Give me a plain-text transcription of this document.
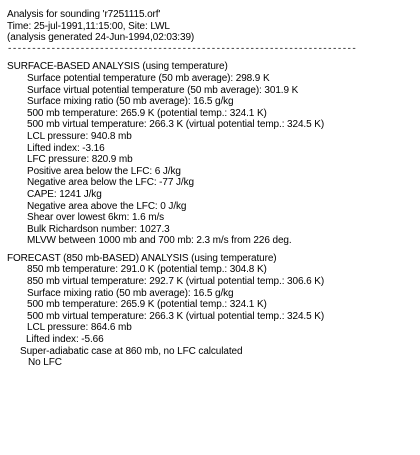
Analysis for sounding 'r7251115.orf'
Time: 25-jul-1991,11:15:00, Site: LWL
(analysis generated 24-Jun-1994,02:03:39)
------------------------------------------------------------------------
SURFACE-BASED ANALYSIS (using temperature)
Surface potential temperature (50 mb average): 298.9 K
Surface virtual potential temperature (50 mb average): 301.9 K
Surface mixing ratio (50 mb average): 16.5 g/kg
500 mb temperature: 265.9 K (potential temp.: 324.1 K)
500 mb virtual temperature: 266.3 K (virtual potential temp.: 324.5 K)
LCL pressure: 940.8 mb
Lifted index: -3.16
LFC pressure: 820.9 mb
Positive area below the LFC: 6 J/kg
Negative area below the LFC: -77 J/kg
CAPE: 1241 J/kg
Negative area above the LFC: 0 J/kg
Shear over lowest 6km: 1.6 m/s
Bulk Richardson number: 1027.3
MLVW between 1000 mb and 700 mb: 2.3 m/s from 226 deg.
FORECAST (850 mb-BASED) ANALYSIS (using temperature)
850 mb temperature: 291.0 K (potential temp.: 304.8 K)
850 mb virtual temperature: 292.7 K (virtual potential temp.: 306.6 K)
Surface mixing ratio (50 mb average): 16.5 g/kg
500 mb temperature: 265.9 K (potential temp.: 324.1 K)
500 mb virtual temperature: 266.3 K (virtual potential temp.: 324.5 K)
LCL pressure: 864.6 mb
Lifted index: -5.66
Super-adiabatic case at 860 mb, no LFC calculated
No LFC
